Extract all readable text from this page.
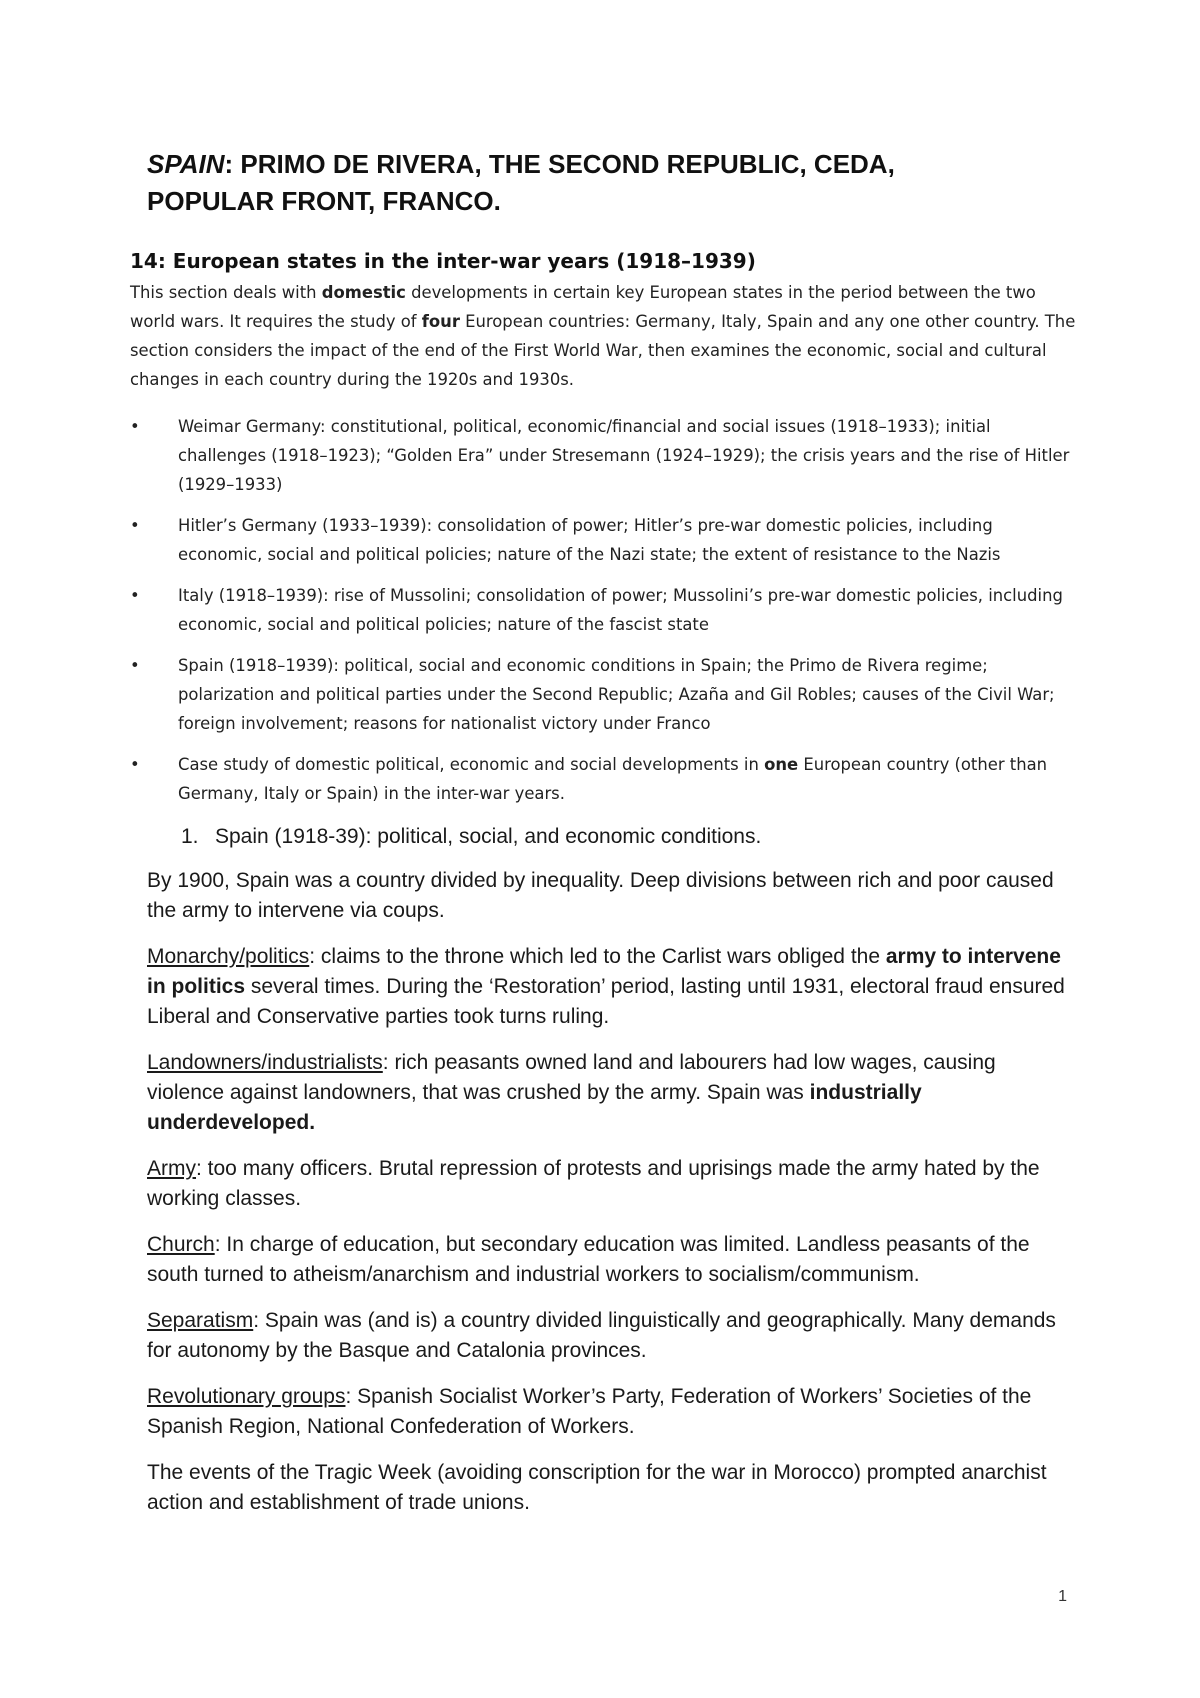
SPAIN: PRIMO DE RIVERA, THE SECOND REPUBLIC, CEDA,
POPULAR FRONT, FRANCO.
14: European states in the inter-war years (1918–1939)

This section deals with domestic developments in certain key European states in the period between the two world wars. It requires the study of four European countries: Germany, Italy, Spain and any one other country. The section considers the impact of the end of the First World War, then examines the economic, social and cultural changes in each country during the 1920s and 1930s.

• Weimar Germany: constitutional, political, economic/financial and social issues (1918–1933); initial challenges (1918–1923); “Golden Era” under Stresemann (1924–1929); the crisis years and the rise of Hitler (1929–1933)
• Hitler’s Germany (1933–1939): consolidation of power; Hitler’s pre-war domestic policies, including economic, social and political policies; nature of the Nazi state; the extent of resistance to the Nazis
• Italy (1918–1939): rise of Mussolini; consolidation of power; Mussolini’s pre-war domestic policies, including economic, social and political policies; nature of the fascist state
• Spain (1918–1939): political, social and economic conditions in Spain; the Primo de Rivera regime; polarization and political parties under the Second Republic; Azaña and Gil Robles; causes of the Civil War; foreign involvement; reasons for nationalist victory under Franco
• Case study of domestic political, economic and social developments in one European country (other than Germany, Italy or Spain) in the inter-war years.
1. Spain (1918-39): political, social, and economic conditions.

By 1900, Spain was a country divided by inequality. Deep divisions between rich and poor caused the army to intervene via coups.

Monarchy/politics: claims to the throne which led to the Carlist wars obliged the army to intervene in politics several times. During the ‘Restoration’ period, lasting until 1931, electoral fraud ensured Liberal and Conservative parties took turns ruling.

Landowners/industrialists: rich peasants owned land and labourers had low wages, causing violence against landowners, that was crushed by the army. Spain was industrially underdeveloped.

Army: too many officers. Brutal repression of protests and uprisings made the army hated by the working classes.

Church: In charge of education, but secondary education was limited. Landless peasants of the south turned to atheism/anarchism and industrial workers to socialism/communism.

Separatism: Spain was (and is) a country divided linguistically and geographically. Many demands for autonomy by the Basque and Catalonia provinces.

Revolutionary groups: Spanish Socialist Worker’s Party, Federation of Workers’ Societies of the Spanish Region, National Confederation of Workers.

The events of the Tragic Week (avoiding conscription for the war in Morocco) prompted anarchist action and establishment of trade unions.

1
